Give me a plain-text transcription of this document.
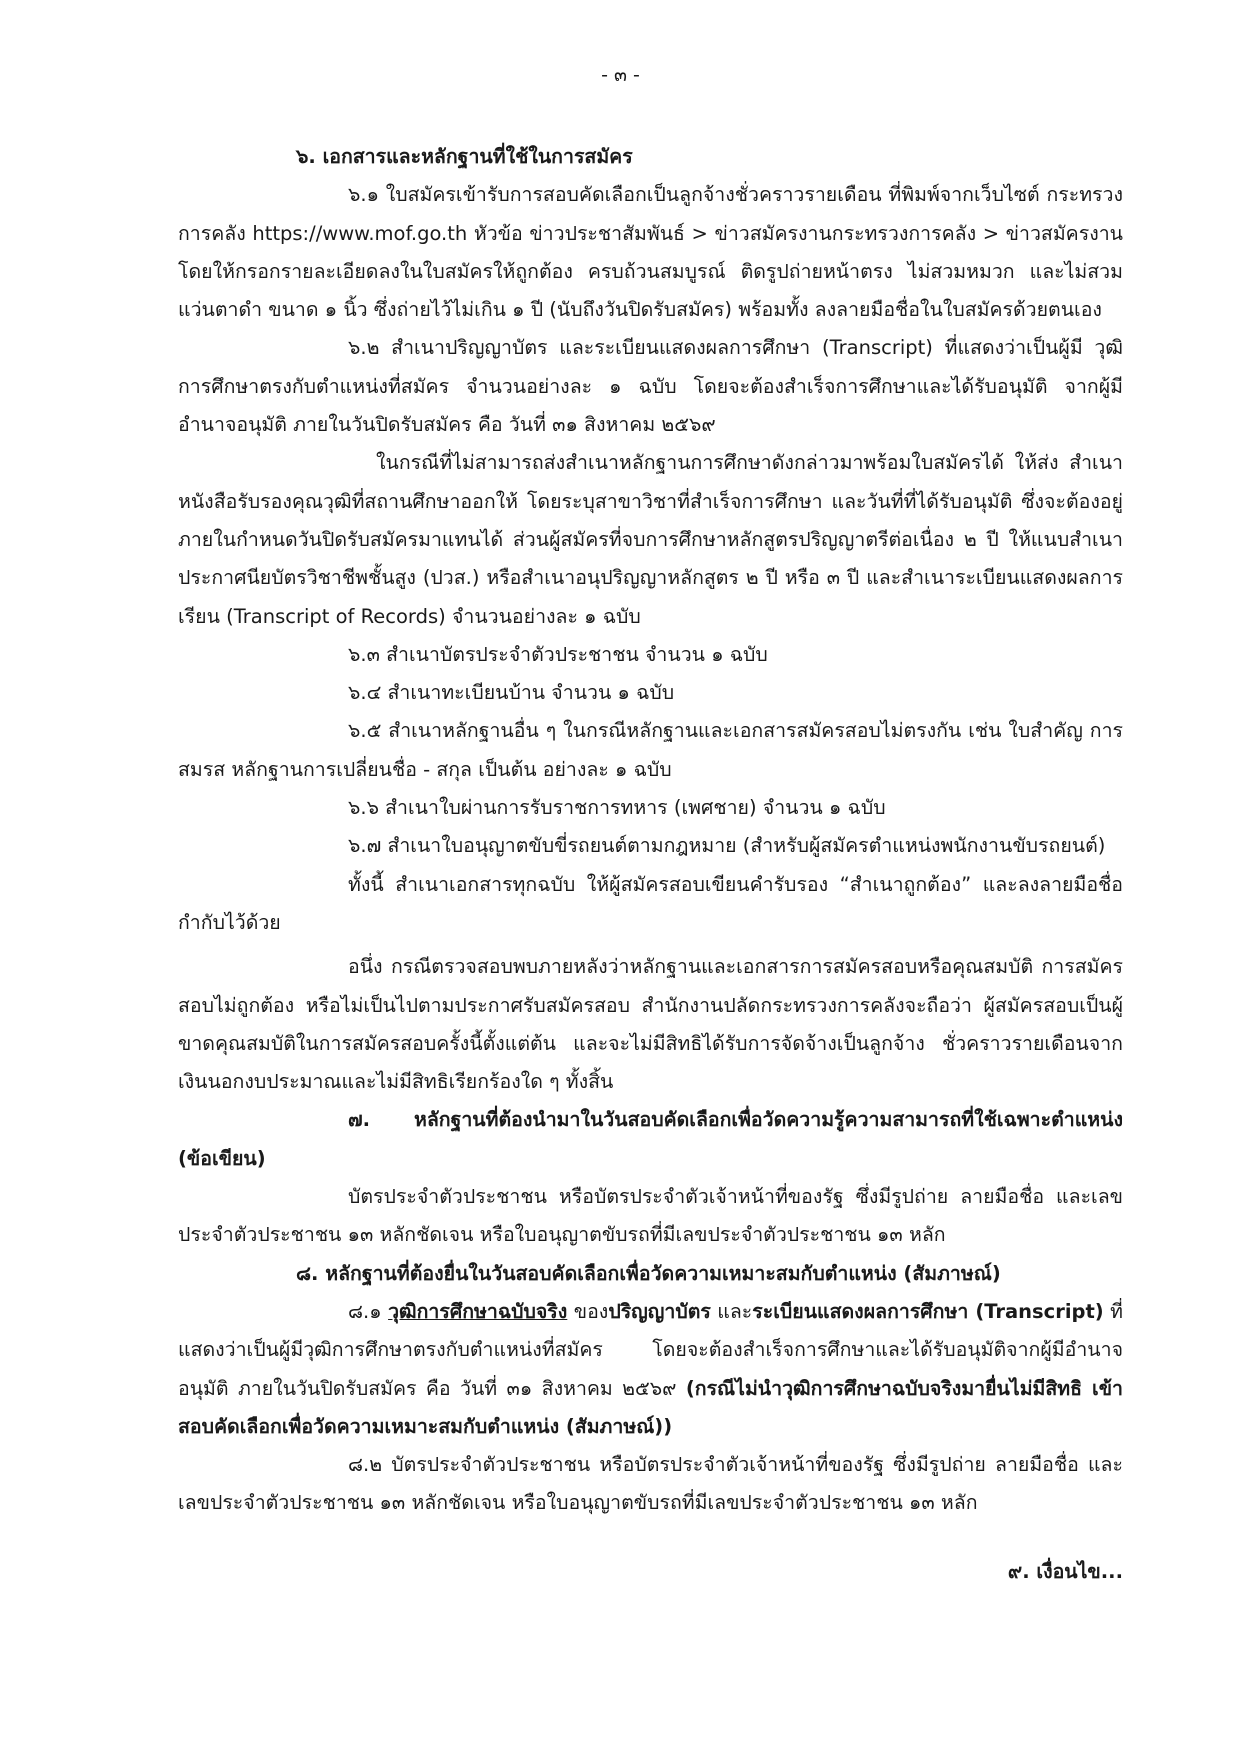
- ๓ -

๖. เอกสารและหลักฐานที่ใช้ในการสมัคร

๖.๑ ใบสมัครเข้ารับการสอบคัดเลือกเป็นลูกจ้างชั่วคราวรายเดือน ที่พิมพ์จากเว็บไซต์ กระทรวงการคลัง https://www.mof.go.th หัวข้อ ข่าวประชาสัมพันธ์ > ข่าวสมัครงานกระทรวงการคลัง > ข่าวสมัครงาน โดยให้กรอกรายละเอียดลงในใบสมัครให้ถูกต้อง ครบถ้วนสมบูรณ์ ติดรูปถ่ายหน้าตรง ไม่สวมหมวก และไม่สวมแว่นตาดำ ขนาด ๑ นิ้ว ซึ่งถ่ายไว้ไม่เกิน ๑ ปี (นับถึงวันปิดรับสมัคร) พร้อมทั้ง ลงลายมือชื่อในใบสมัครด้วยตนเอง

๖.๒ สำเนาปริญญาบัตร และระเบียนแสดงผลการศึกษา (Transcript) ที่แสดงว่าเป็นผู้มี วุฒิการศึกษาตรงกับตำแหน่งที่สมัคร จำนวนอย่างละ ๑ ฉบับ โดยจะต้องสำเร็จการศึกษาและได้รับอนุมัติ จากผู้มีอำนาจอนุมัติ ภายในวันปิดรับสมัคร คือ วันที่ ๓๑ สิงหาคม ๒๕๖๙

ในกรณีที่ไม่สามารถส่งสำเนาหลักฐานการศึกษาดังกล่าวมาพร้อมใบสมัครได้ ให้ส่ง สำเนาหนังสือรับรองคุณวุฒิที่สถานศึกษาออกให้ โดยระบุสาขาวิชาที่สำเร็จการศึกษา และวันที่ที่ได้รับอนุมัติ ซึ่งจะต้องอยู่ภายในกำหนดวันปิดรับสมัครมาแทนได้ ส่วนผู้สมัครที่จบการศึกษาหลักสูตรปริญญาตรีต่อเนื่อง ๒ ปี ให้แนบสำเนาประกาศนียบัตรวิชาชีพชั้นสูง (ปวส.) หรือสำเนาอนุปริญญาหลักสูตร ๒ ปี หรือ ๓ ปี และสำเนาระเบียนแสดงผลการเรียน (Transcript of Records) จำนวนอย่างละ ๑ ฉบับ

๖.๓ สำเนาบัตรประจำตัวประชาชน จำนวน ๑ ฉบับ

๖.๔ สำเนาทะเบียนบ้าน จำนวน ๑ ฉบับ

๖.๕ สำเนาหลักฐานอื่น ๆ ในกรณีหลักฐานและเอกสารสมัครสอบไม่ตรงกัน เช่น ใบสำคัญ การสมรส หลักฐานการเปลี่ยนชื่อ - สกุล เป็นต้น อย่างละ ๑ ฉบับ

๖.๖ สำเนาใบผ่านการรับราชการทหาร (เพศชาย) จำนวน ๑ ฉบับ

๖.๗ สำเนาใบอนุญาตขับขี่รถยนต์ตามกฎหมาย (สำหรับผู้สมัครตำแหน่งพนักงานขับรถยนต์)

ทั้งนี้ สำเนาเอกสารทุกฉบับ ให้ผู้สมัครสอบเขียนคำรับรอง “สำเนาถูกต้อง” และลงลายมือชื่อ กำกับไว้ด้วย

อนึ่ง กรณีตรวจสอบพบภายหลังว่าหลักฐานและเอกสารการสมัครสอบหรือคุณสมบัติ การสมัครสอบไม่ถูกต้อง หรือไม่เป็นไปตามประกาศรับสมัครสอบ สำนักงานปลัดกระทรวงการคลังจะถือว่า ผู้สมัครสอบเป็นผู้ขาดคุณสมบัติในการสมัครสอบครั้งนี้ตั้งแต่ต้น และจะไม่มีสิทธิได้รับการจัดจ้างเป็นลูกจ้าง ชั่วคราวรายเดือนจากเงินนอกงบประมาณและไม่มีสิทธิเรียกร้องใด ๆ ทั้งสิ้น

๗. หลักฐานที่ต้องนำมาในวันสอบคัดเลือกเพื่อวัดความรู้ความสามารถที่ใช้เฉพาะตำแหน่ง (ข้อเขียน)

บัตรประจำตัวประชาชน หรือบัตรประจำตัวเจ้าหน้าที่ของรัฐ ซึ่งมีรูปถ่าย ลายมือชื่อ และเลขประจำตัวประชาชน ๑๓ หลักชัดเจน หรือใบอนุญาตขับรถที่มีเลขประจำตัวประชาชน ๑๓ หลัก

๘. หลักฐานที่ต้องยื่นในวันสอบคัดเลือกเพื่อวัดความเหมาะสมกับตำแหน่ง (สัมภาษณ์)

๘.๑ วุฒิการศึกษาฉบับจริง ของปริญญาบัตร และระเบียนแสดงผลการศึกษา (Transcript) ที่แสดงว่าเป็นผู้มีวุฒิการศึกษาตรงกับตำแหน่งที่สมัคร โดยจะต้องสำเร็จการศึกษาและได้รับอนุมัติจากผู้มีอำนาจ อนุมัติ ภายในวันปิดรับสมัคร คือ วันที่ ๓๑ สิงหาคม ๒๕๖๙ (กรณีไม่นำวุฒิการศึกษาฉบับจริงมายื่นไม่มีสิทธิ เข้าสอบคัดเลือกเพื่อวัดความเหมาะสมกับตำแหน่ง (สัมภาษณ์))

๘.๒ บัตรประจำตัวประชาชน หรือบัตรประจำตัวเจ้าหน้าที่ของรัฐ ซึ่งมีรูปถ่าย ลายมือชื่อ และเลขประจำตัวประชาชน ๑๓ หลักชัดเจน หรือใบอนุญาตขับรถที่มีเลขประจำตัวประชาชน ๑๓ หลัก

๙. เงื่อนไข...
